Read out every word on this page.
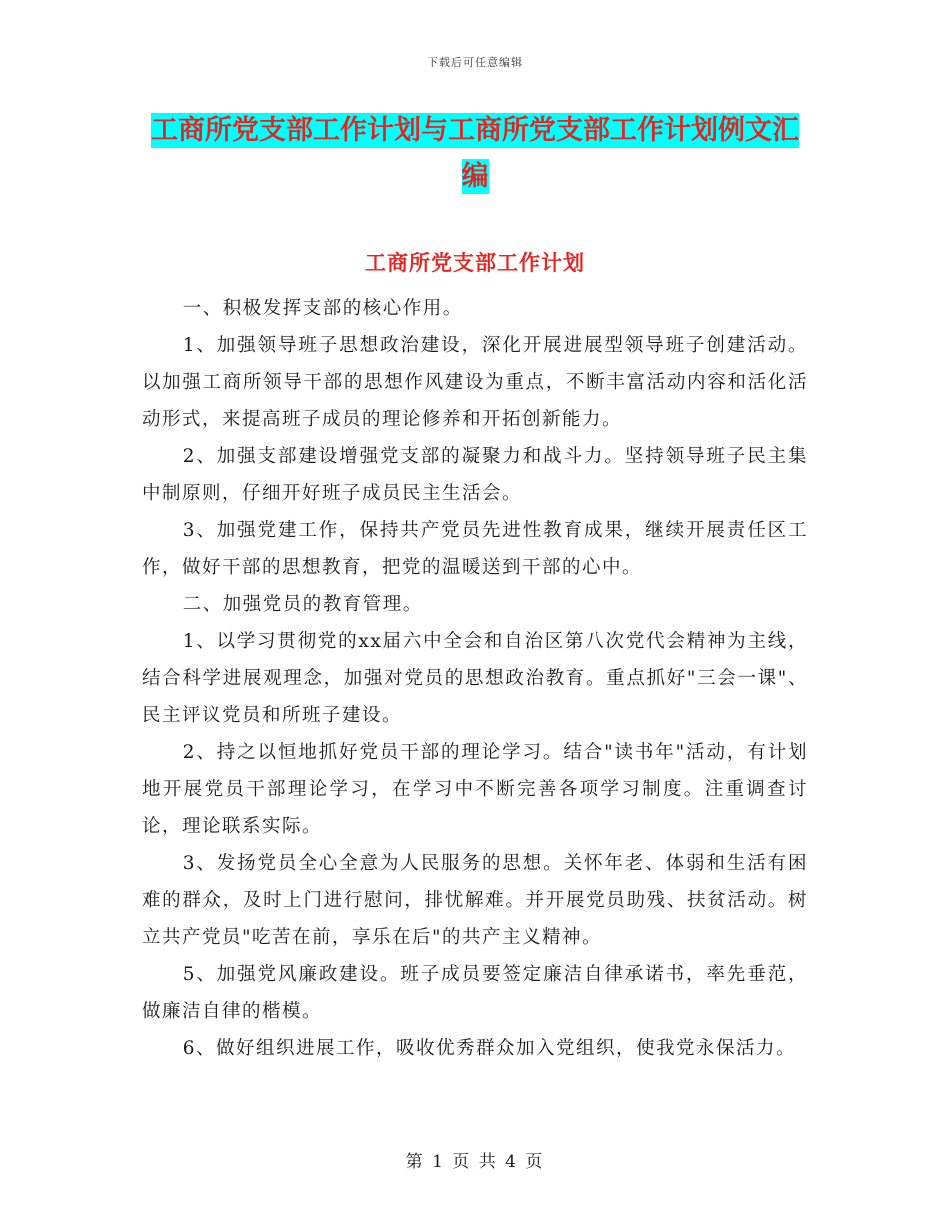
下载后可任意编辑
工商所党支部工作计划与工商所党支部工作计划例文汇编
工商所党支部工作计划

一、积极发挥支部的核心作用。

1、加强领导班子思想政治建设，深化开展进展型领导班子创建活动。以加强工商所领导干部的思想作风建设为重点，不断丰富活动内容和活化活动形式，来提高班子成员的理论修养和开拓创新能力。

2、加强支部建设增强党支部的凝聚力和战斗力。坚持领导班子民主集中制原则，仔细开好班子成员民主生活会。

3、加强党建工作，保持共产党员先进性教育成果，继续开展责任区工作，做好干部的思想教育，把党的温暖送到干部的心中。

二、加强党员的教育管理。

1、以学习贯彻党的xx届六中全会和自治区第八次党代会精神为主线，结合科学进展观理念，加强对党员的思想政治教育。重点抓好"三会一课"、民主评议党员和所班子建设。

2、持之以恒地抓好党员干部的理论学习。结合"读书年"活动，有计划地开展党员干部理论学习，在学习中不断完善各项学习制度。注重调查讨论，理论联系实际。

3、发扬党员全心全意为人民服务的思想。关怀年老、体弱和生活有困难的群众，及时上门进行慰问，排忧解难。并开展党员助残、扶贫活动。树立共产党员"吃苦在前，享乐在后"的共产主义精神。

5、加强党风廉政建设。班子成员要签定廉洁自律承诺书，率先垂范，做廉洁自律的楷模。

6、做好组织进展工作，吸收优秀群众加入党组织，使我党永保活力。

第 1 页 共 4 页
